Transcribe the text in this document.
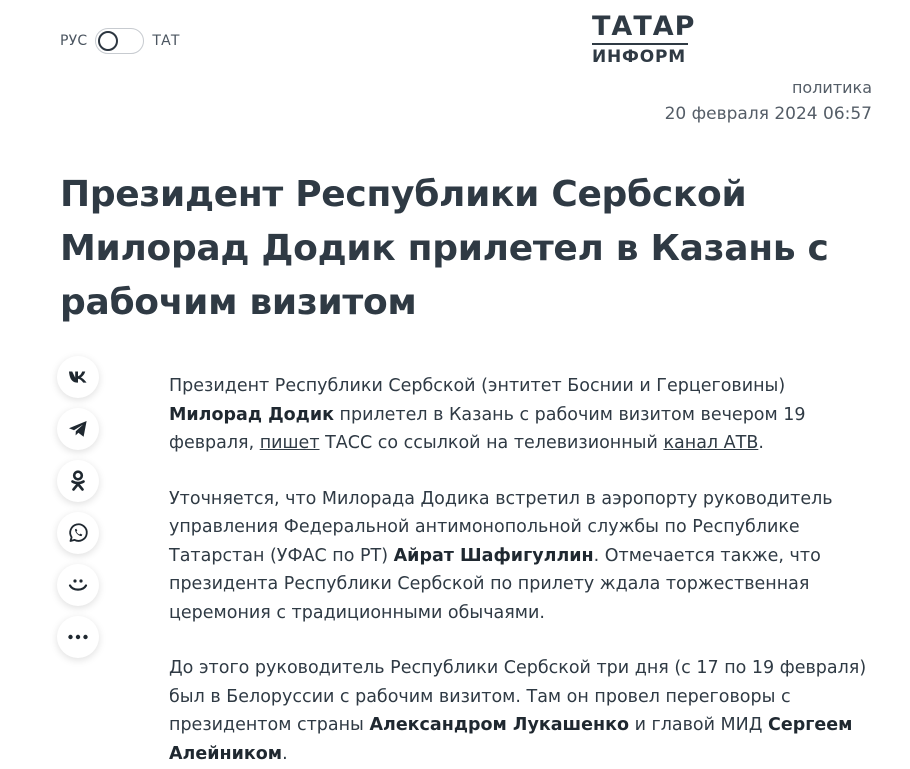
РУС	ТАТ	ТАТАР
ИНФОРМ
политика
20 февраля 2024 06:57
Президент Республики Сербской Милорад Додик прилетел в Казань с рабочим визитом

Президент Республики Сербской (энтитет Боснии и Герцеговины) Милорад Додик прилетел в Казань с рабочим визитом вечером 19 февраля, пишет ТАСС со ссылкой на телевизионный канал АТВ.

Уточняется, что Милорада Додика встретил в аэропорту руководитель управления Федеральной антимонопольной службы по Республике Татарстан (УФАС по РТ) Айрат Шафигуллин. Отмечается также, что президента Республики Сербской по прилету ждала торжественная церемония с традиционными обычаями.

До этого руководитель Республики Сербской три дня (с 17 по 19 февраля) был в Белоруссии с рабочим визитом. Там он провел переговоры с президентом страны Александром Лукашенко и главой МИД Сергеем Алейником.
